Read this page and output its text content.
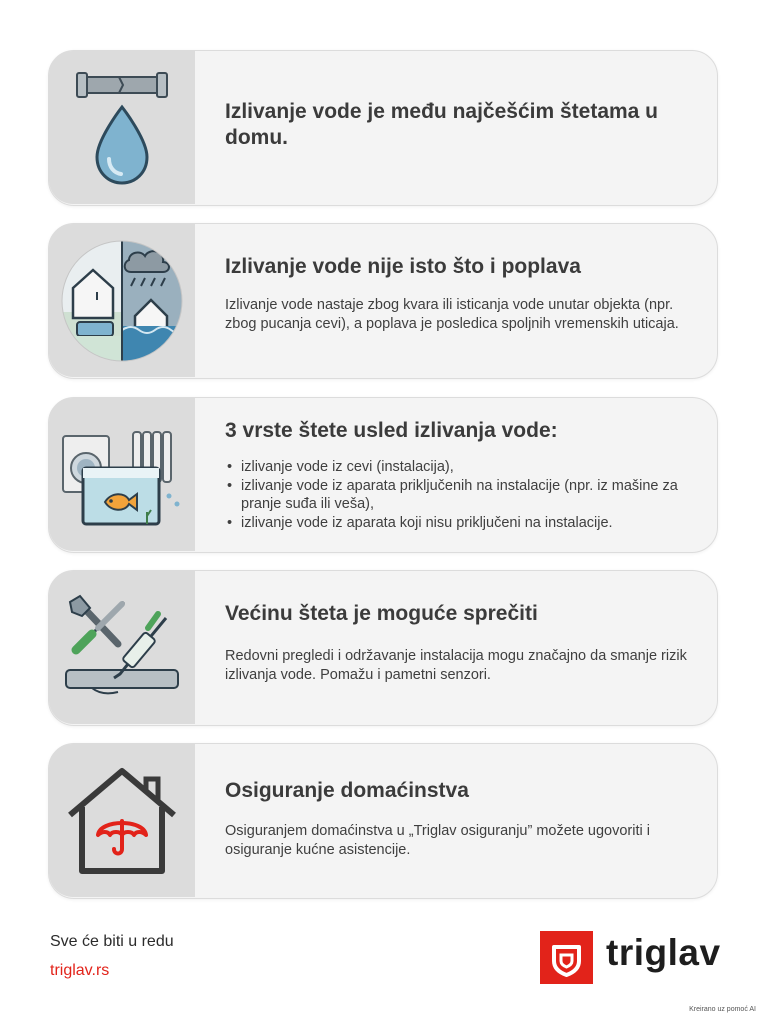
Izlivanje vode je među najčešćim štetama u domu.

Izlivanje vode nije isto što i poplava

Izlivanje vode nastaje zbog kvara ili isticanja vode unutar objekta (npr. zbog pucanja cevi), a poplava je posledica spoljnih vremenskih uticaja.

3 vrste štete usled izlivanja vode:

• izlivanje vode iz cevi (instalacija),
• izlivanje vode iz aparata priključenih na instalacije (npr. iz mašine za pranje suđa ili veša),
• izlivanje vode iz aparata koji nisu priključeni na instalacije.

Većinu šteta je moguće sprečiti

Redovni pregledi i održavanje instalacija mogu značajno da smanje rizik izlivanja vode. Pomažu i pametni senzori.

Osiguranje domaćinstva

Osiguranjem domaćinstva u „Triglav osiguranju” možete ugovoriti i osiguranje kućne asistencije.

Sve će biti u redu
triglav.rs	triglav
Kreirano uz pomoć AI
